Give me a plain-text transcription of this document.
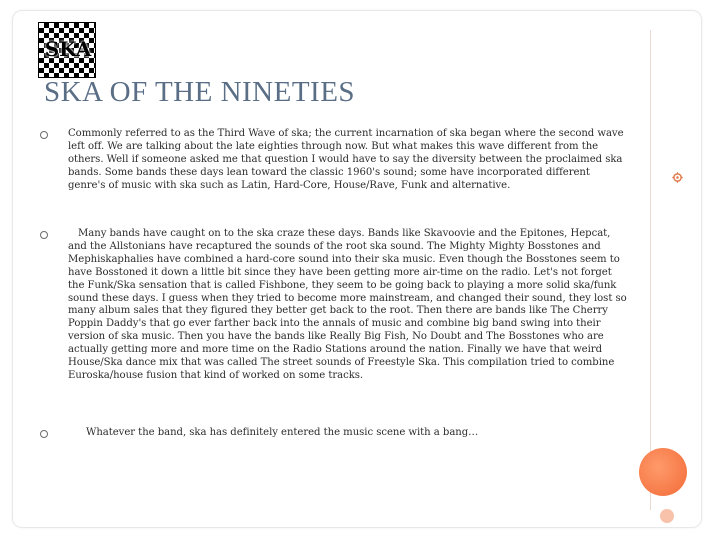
SKA
SKA OF THE NINETIES
Commonly referred to as the Third Wave of ska; the current incarnation of ska began where the second wave left off. We are talking about the late eighties through now. But what makes this wave different from the others. Well if someone asked me that question I would have to say the diversity between the proclaimed ska bands. Some bands these days lean toward the classic 1960's sound; some have incorporated different genre's of music with ska such as Latin, Hard-Core, House/Rave, Funk and alternative.
Many bands have caught on to the ska craze these days. Bands like Skavoovie and the Epitones, Hepcat, and the Allstonians have recaptured the sounds of the root ska sound. The Mighty Mighty Bosstones and Mephiskaphalies have combined a hard-core sound into their ska music. Even though the Bosstones seem to have Bosstoned it down a little bit since they have been getting more air-time on the radio. Let's not forget the Funk/Ska sensation that is called Fishbone, they seem to be going back to playing a more solid ska/funk sound these days. I guess when they tried to become more mainstream, and changed their sound, they lost so many album sales that they figured they better get back to the root. Then there are bands like The Cherry Poppin Daddy's that go ever farther back into the annals of music and combine big band swing into their version of ska music. Then you have the bands like Really Big Fish, No Doubt and The Bosstones who are actually getting more and more time on the Radio Stations around the nation. Finally we have that weird House/Ska dance mix that was called The street sounds of Freestyle Ska. This compilation tried to combine Euroska/house fusion that kind of worked on some tracks.
Whatever the band, ska has definitely entered the music scene with a bang…
